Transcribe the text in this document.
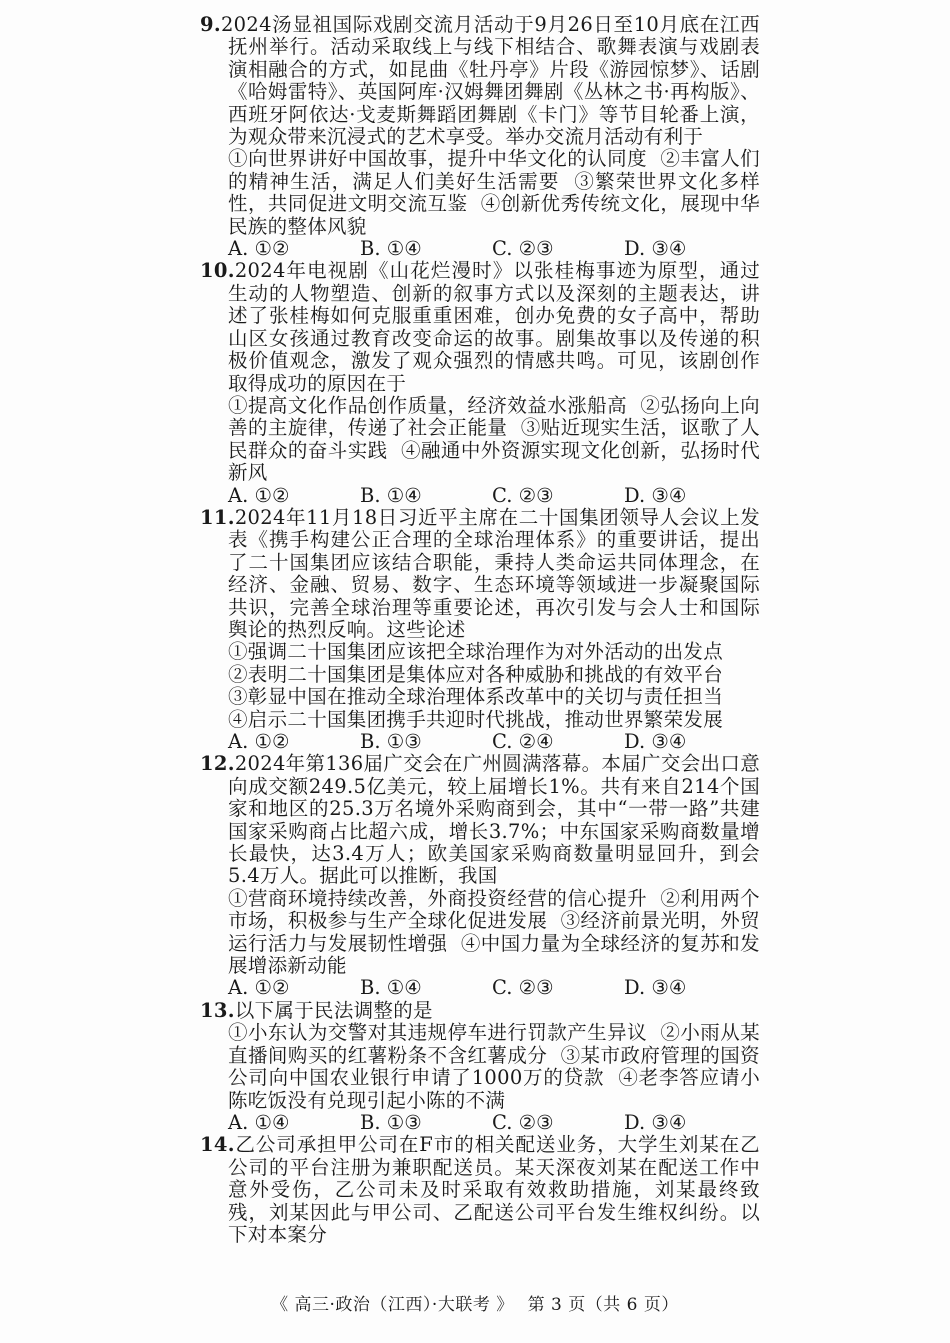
9.2024汤显祖国际戏剧交流月活动于9月26日至10月底在江西抚州举行。活动采取线上与线下相结合、歌舞表演与戏剧表演相融合的方式，如昆曲《牡丹亭》片段《游园惊梦》、话剧《哈姆雷特》、英国阿库·汉姆舞团舞剧《丛林之书·再构版》、西班牙阿依达·戈麦斯舞蹈团舞剧《卡门》等节目轮番上演，为观众带来沉浸式的艺术享受。举办交流月活动有利于

①向世界讲好中国故事，提升中华文化的认同度 ②丰富人们的精神生活，满足人们美好生活需要 ③繁荣世界文化多样性，共同促进文明交流互鉴 ④创新优秀传统文化，展现中华民族的整体风貌

A. ①②	B. ①④	C. ②③	D. ③④

10.2024年电视剧《山花烂漫时》以张桂梅事迹为原型，通过生动的人物塑造、创新的叙事方式以及深刻的主题表达，讲述了张桂梅如何克服重重困难，创办免费的女子高中，帮助山区女孩通过教育改变命运的故事。剧集故事以及传递的积极价值观念，激发了观众强烈的情感共鸣。可见，该剧创作取得成功的原因在于

①提高文化作品创作质量，经济效益水涨船高 ②弘扬向上向善的主旋律，传递了社会正能量 ③贴近现实生活，讴歌了人民群众的奋斗实践 ④融通中外资源实现文化创新，弘扬时代新风

A. ①②	B. ①④	C. ②③	D. ③④

11.2024年11月18日习近平主席在二十国集团领导人会议上发表《携手构建公正合理的全球治理体系》的重要讲话，提出了二十国集团应该结合职能，秉持人类命运共同体理念，在经济、金融、贸易、数字、生态环境等领域进一步凝聚国际共识，完善全球治理等重要论述，再次引发与会人士和国际舆论的热烈反响。这些论述

①强调二十国集团应该把全球治理作为对外活动的出发点
②表明二十国集团是集体应对各种威胁和挑战的有效平台
③彰显中国在推动全球治理体系改革中的关切与责任担当
④启示二十国集团携手共迎时代挑战，推动世界繁荣发展
A. ①②	B. ①③	C. ②④	D. ③④

12.2024年第136届广交会在广州圆满落幕。本届广交会出口意向成交额249.5亿美元，较上届增长1%。共有来自214个国家和地区的25.3万名境外采购商到会，其中“一带一路”共建国家采购商占比超六成，增长3.7%；中东国家采购商数量增长最快，达3.4万人；欧美国家采购商数量明显回升，到会5.4万人。据此可以推断，我国

①营商环境持续改善，外商投资经营的信心提升 ②利用两个市场，积极参与生产全球化促进发展 ③经济前景光明，外贸运行活力与发展韧性增强 ④中国力量为全球经济的复苏和发展增添新动能

A. ①②	B. ①④	C. ②③	D. ③④

13.以下属于民法调整的是

①小东认为交警对其违规停车进行罚款产生异议 ②小雨从某直播间购买的红薯粉条不含红薯成分 ③某市政府管理的国资公司向中国农业银行申请了1000万的贷款 ④老李答应请小陈吃饭没有兑现引起小陈的不满

A. ①④	B. ①③	C. ②③	D. ③④

14.乙公司承担甲公司在F市的相关配送业务，大学生刘某在乙公司的平台注册为兼职配送员。某天深夜刘某在配送工作中意外受伤，乙公司未及时采取有效救助措施，刘某最终致残，刘某因此与甲公司、乙配送公司平台发生维权纠纷。以下对本案分

《 高三·政治（江西）·大联考 》 第 3 页（共 6 页）
